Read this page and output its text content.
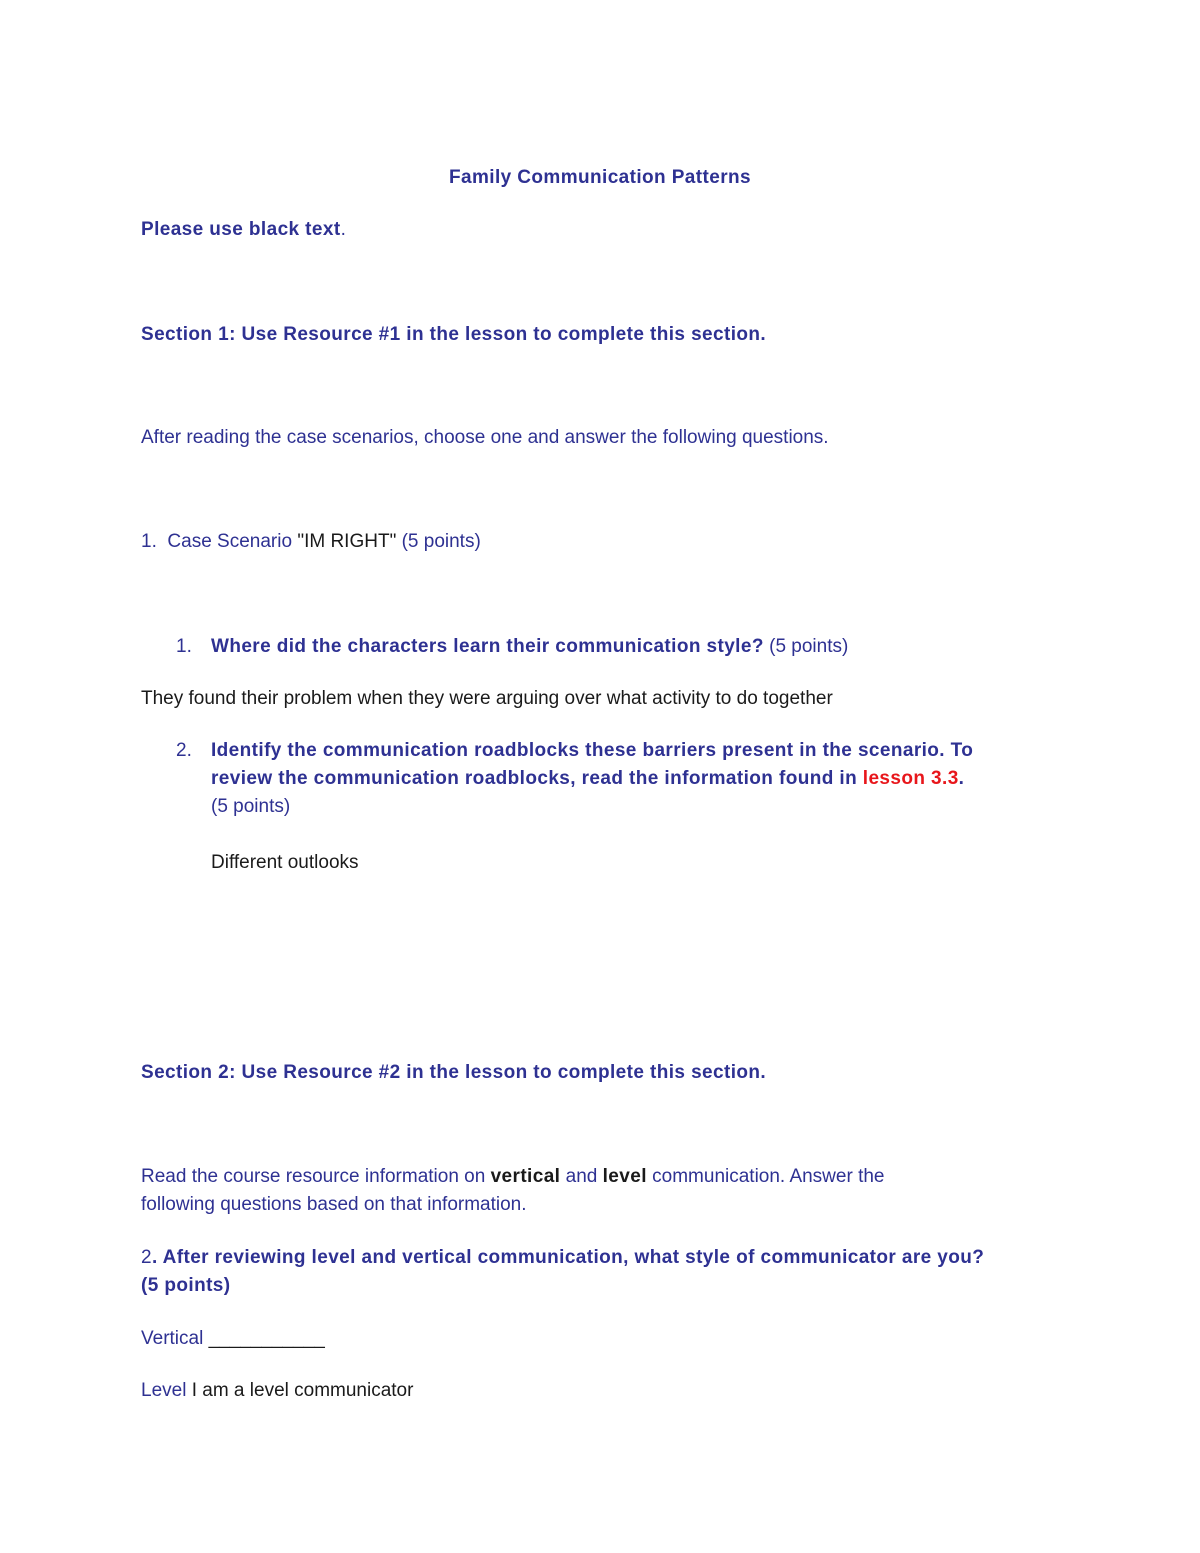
Family Communication Patterns
Please use black text.
Section 1: Use Resource #1 in the lesson to complete this section.
After reading the case scenarios, choose one and answer the following questions.
1. Case Scenario "IM RIGHT" (5 points)
1. Where did the characters learn their communication style? (5 points)
They found their problem when they were arguing over what activity to do together
2. Identify the communication roadblocks these barriers present in the scenario. To
review the communication roadblocks, read the information found in lesson 3.3.
(5 points)
Different outlooks
Section 2: Use Resource #2 in the lesson to complete this section.
Read the course resource information on vertical and level communication. Answer the
following questions based on that information.
2. After reviewing level and vertical communication, what style of communicator are you?
(5 points)
Vertical ___________
Level I am a level communicator
